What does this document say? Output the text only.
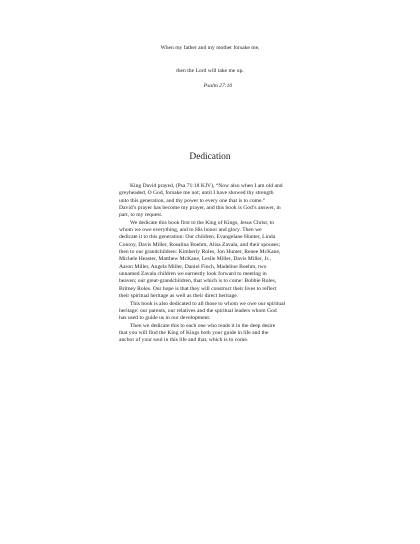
When my father and my mother forsake me,
then the Lord will take me up.
Psalm 27:10
Dedication
King David prayed, (Psa 71:18 KJV), “Now also when I am old and
greyheaded, O God, forsake me not; until I have showed thy strength
unto this generation, and thy power to every one that is to come.”
David’s prayer has become my prayer, and this book is God’s answer, in
part, to my request.
We dedicate this book first to the King of Kings, Jesus Christ, to
whom we owe everything, and to His honor and glory. Then we
dedicate it to this generation: Our children, Evangelane Hunter, Linda
Conroy, Davis Miller, Rosalina Boehm, Alisa Zavala, and their spouses;
then to our grandchildren: Kimberly Roles, Jon Hunter, Renee McKane,
Michele Heaster, Matthew McKane, Leslie Miller, Davis Miller, Jr.,
Aaron Miller, Angela Miller, Daniel Finch, Madeline Boehm, two
unnamed Zavala children we earnestly look forward to meeting in
heaven; our great-grandchildren, that which is to come: Bobbie Roles,
Britney Roles. Our hope is that they will construct their lives to reflect
their spiritual heritage as well as their direct heritage.
This book is also dedicated to all those to whom we owe our spiritual
heritage: our parents, our relatives and the spiritual leaders whom God
has used to guide us in our development.
Then we dedicate this to each one who reads it in the deep desire
that you will find the King of Kings both your guide in life and the
anchor of your soul in this life and that, which is to come.
